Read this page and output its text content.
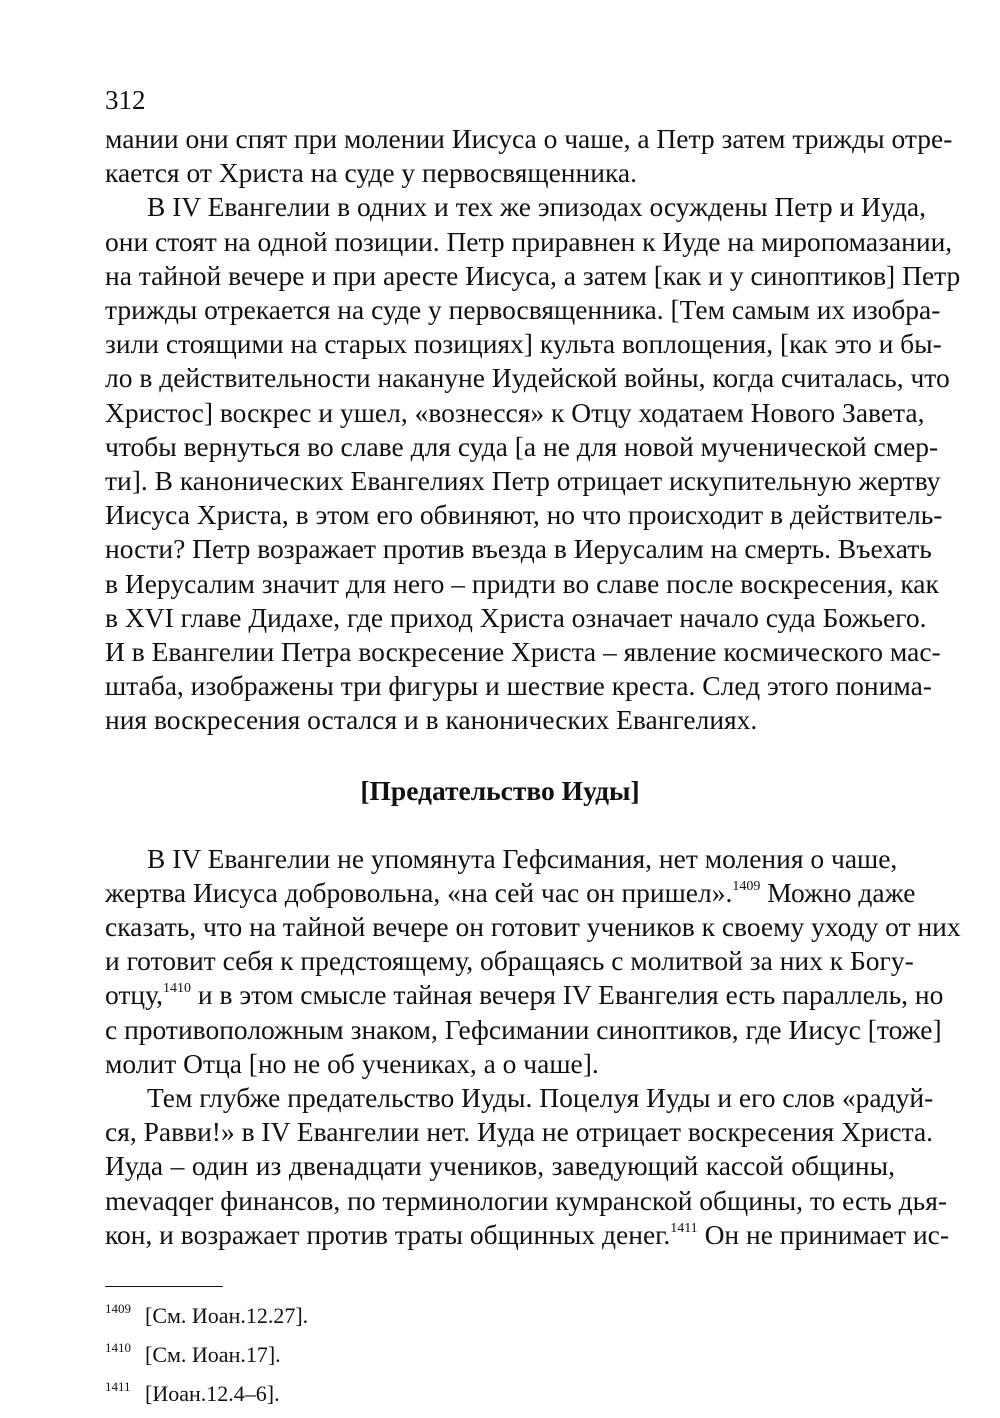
312

мании они спят при молении Иисуса о чаше, а Петр затем трижды отре-
кается от Христа на суде у первосвященника.

В IV Евангелии в одних и тех же эпизодах осуждены Петр и Иуда,
они стоят на одной позиции. Петр приравнен к Иуде на миропомазании,
на тайной вечере и при аресте Иисуса, а затем [как и у синоптиков] Петр
трижды отрекается на суде у первосвященника. [Тем самым их изобра-
зили стоящими на старых позициях] культа воплощения, [как это и бы-
ло в действительности накануне Иудейской войны, когда считалась, что
Христос] воскрес и ушел, «вознесся» к Отцу ходатаем Нового Завета,
чтобы вернуться во славе для суда [а не для новой мученической смер-
ти]. В канонических Евангелиях Петр отрицает искупительную жертву
Иисуса Христа, в этом его обвиняют, но что происходит в действитель-
ности? Петр возражает против въезда в Иерусалим на смерть. Въехать
в Иерусалим значит для него – придти во славе после воскресения, как
в XVI главе Дидахе, где приход Христа означает начало суда Божьего.
И в Евангелии Петра воскресение Христа – явление космического мас-
штаба, изображены три фигуры и шествие креста. След этого понима-
ния воскресения остался и в канонических Евангелиях.

[Предательство Иуды]

В IV Евангелии не упомянута Гефсимания, нет моления о чаше,
жертва Иисуса добровольна, «на сей час он пришел».$^{1409}$ Можно даже
сказать, что на тайной вечере он готовит учеников к своему уходу от них
и готовит себя к предстоящему, обращаясь с молитвой за них к Богу-
отцу,$^{1410}$ и в этом смысле тайная вечеря IV Евангелия есть параллель, но
с противоположным знаком, Гефсимании синоптиков, где Иисус [тоже]
молит Отца [но не об учениках, а о чаше].

Тем глубже предательство Иуды. Поцелуя Иуды и его слов «радуй-
ся, Равви!» в IV Евангелии нет. Иуда не отрицает воскресения Христа.
Иуда – один из двенадцати учеников, заведующий кассой общины,
mevaqqer финансов, по терминологии кумранской общины, то есть дья-
кон, и возражает против траты общинных денег.$^{1411}$ Он не принимает ис-

1409 [См. Иоан.12.27].

1410 [См. Иоан.17].

1411 [Иоан.12.4–6].
